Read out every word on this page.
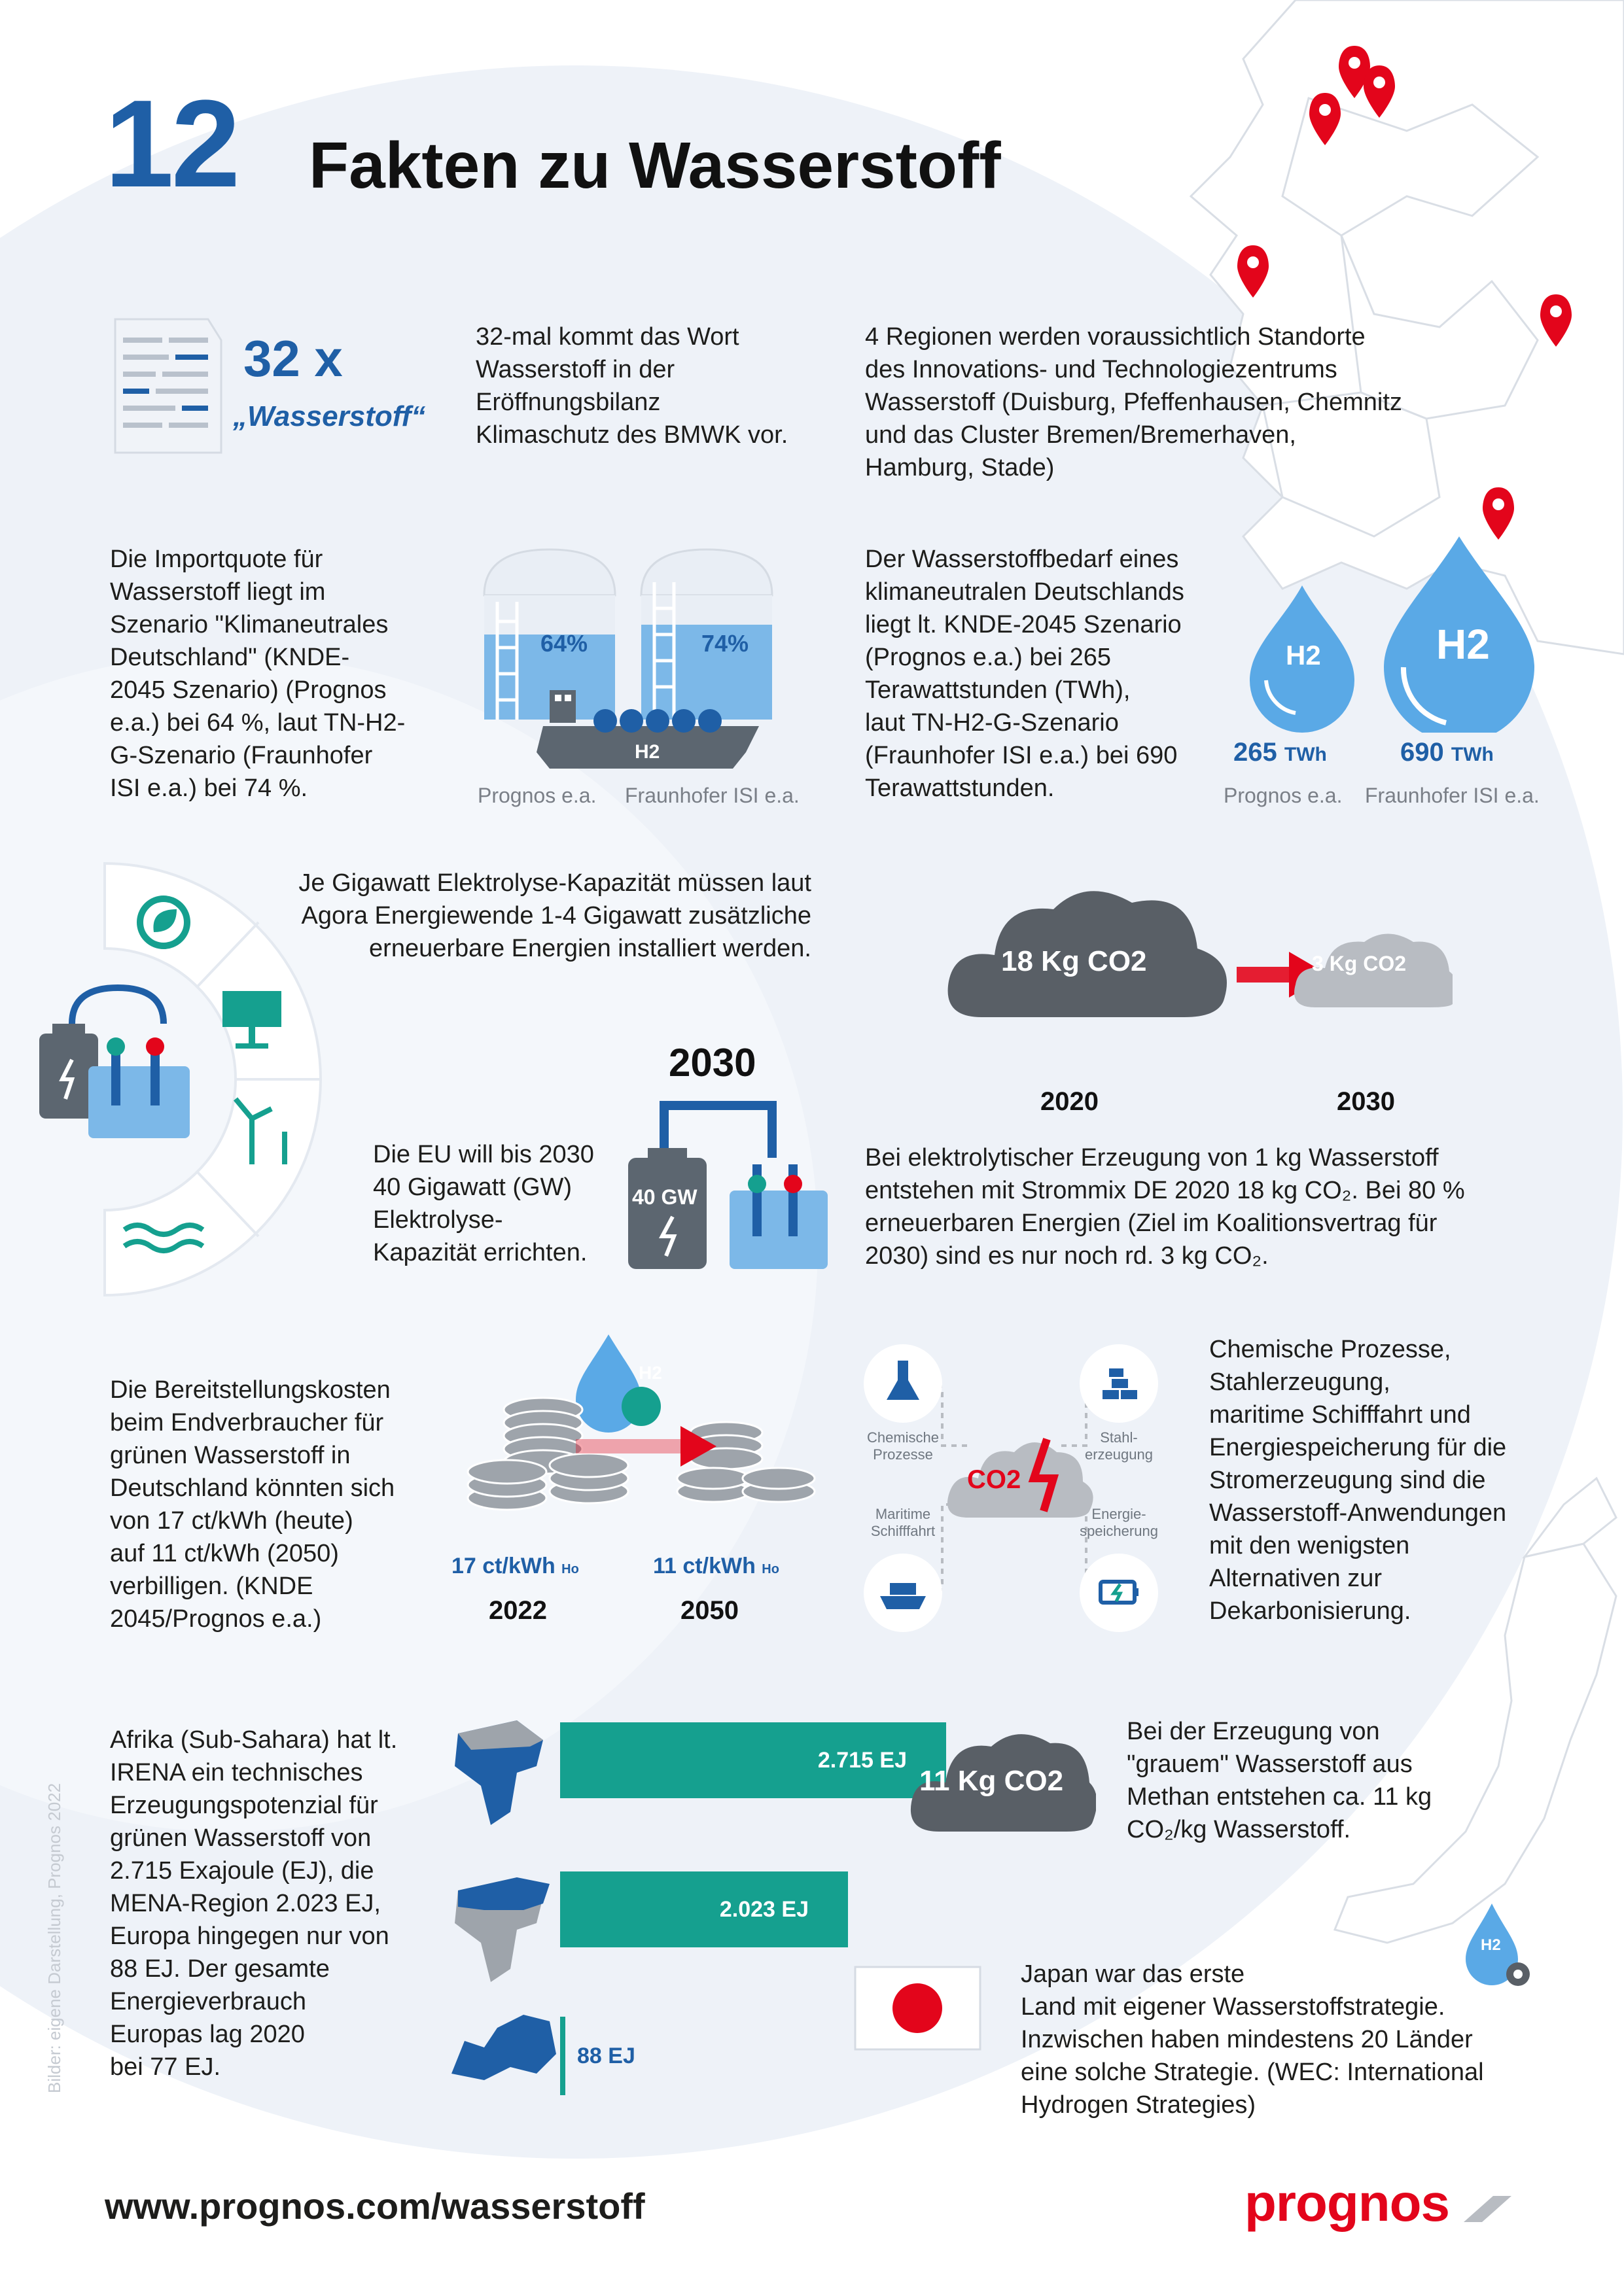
12 Fakten zu Wasserstoff
32 x
„Wasserstoff“
32-mal kommt das Wort
Wasserstoff in der
Eröffnungsbilanz
Klimaschutz des BMWK vor.
4 Regionen werden voraussichtlich Standorte
des Innovations- und Technologiezentrums
Wasserstoff (Duisburg, Pfeffenhausen, Chemnitz
und das Cluster Bremen/Bremerhaven,
Hamburg, Stade)
Die Importquote für
Wasserstoff liegt im
Szenario "Klimaneutrales
Deutschland" (KNDE-
2045 Szenario) (Prognos
e.a.) bei 64 %, laut TN-H2-
G-Szenario (Fraunhofer
ISI e.a.) bei 74 %.
64%	74%
H2
Prognos e.a. Fraunhofer ISI e.a.
Der Wasserstoffbedarf eines
klimaneutralen Deutschlands
liegt lt. KNDE-2045 Szenario
(Prognos e.a.) bei 265
Terawattstunden (TWh),
laut TN-H2-G-Szenario
(Fraunhofer ISI e.a.) bei 690
Terawattstunden.
H2	H2
265 TWh	690 TWh
Prognos e.a. Fraunhofer ISI e.a.
Je Gigawatt Elektrolyse-Kapazität müssen laut
Agora Energiewende 1-4 Gigawatt zusätzliche
erneuerbare Energien installiert werden.	18 Kg CO2	3 Kg CO2
2020	2030
Bei elektrolytischer Erzeugung von 1 kg Wasserstoff
entstehen mit Strommix DE 2020 18 kg CO₂. Bei 80 %
erneuerbaren Energien (Ziel im Koalitionsvertrag für
2030) sind es nur noch rd. 3 kg CO₂.
2030
40 GW
Die EU will bis 2030
40 Gigawatt (GW)
Elektrolyse-
Kapazität errichten.
Die Bereitstellungskosten
beim Endverbraucher für
grünen Wasserstoff in
Deutschland könnten sich
von 17 ct/kWh (heute)
auf 11 ct/kWh (2050)
verbilligen. (KNDE
2045/Prognos e.a.)
H2
17 ct/kWh Ho	11 ct/kWh Ho
2022	2050
Chemische
Prozesse
Stahl-
erzeugung
Maritime
Schifffahrt
Energie-
speicherung
CO2
Chemische Prozesse,
Stahlerzeugung,
maritime Schifffahrt und
Energiespeicherung für die
Stromerzeugung sind die
Wasserstoff-Anwendungen
mit den wenigsten
Alternativen zur
Dekarbonisierung.
Afrika (Sub-Sahara) hat lt.
IRENA ein technisches
Erzeugungspotenzial für
grünen Wasserstoff von
2.715 Exajoule (EJ), die
MENA-Region 2.023 EJ,
Europa hingegen nur von
88 EJ. Der gesamte
Energieverbrauch
Europas lag 2020
bei 77 EJ.
2.715 EJ
2.023 EJ
88 EJ
11 Kg CO2
Bei der Erzeugung von
"grauem" Wasserstoff aus
Methan entstehen ca. 11 kg
CO₂/kg Wasserstoff.
H2
Japan war das erste
Land mit eigener Wasserstoffstrategie.
Inzwischen haben mindestens 20 Länder
eine solche Strategie. (WEC: International
Hydrogen Strategies)
www.prognos.com/wasserstoff	prognos
